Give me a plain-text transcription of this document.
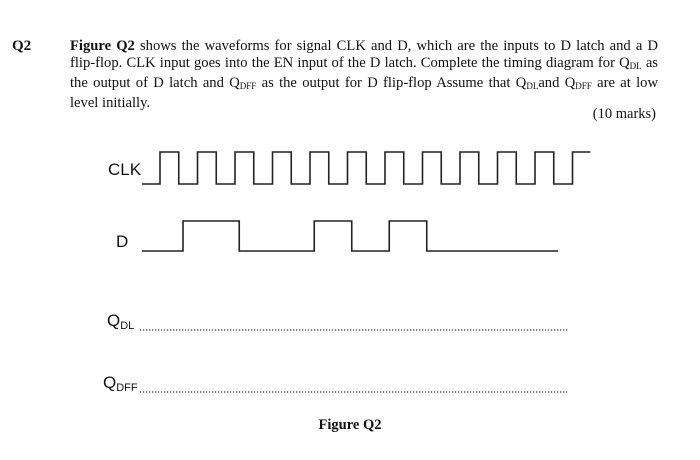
Q2	Figure Q2 shows the waveforms for signal CLK and D, which are the inputs to D latch and a D flip-flop. CLK input goes into the EN input of the D latch. Complete the timing diagram for $Q_{DL}$ as the output of D latch and $Q_{DFF}$ as the output for D flip-flop Assume that $Q_{DL}and$ $Q_{DFF}$ are at low level initially.
(10 marks)
CLK
D
$Q_{DL}$
$Q_{DFF}$
Figure Q2
